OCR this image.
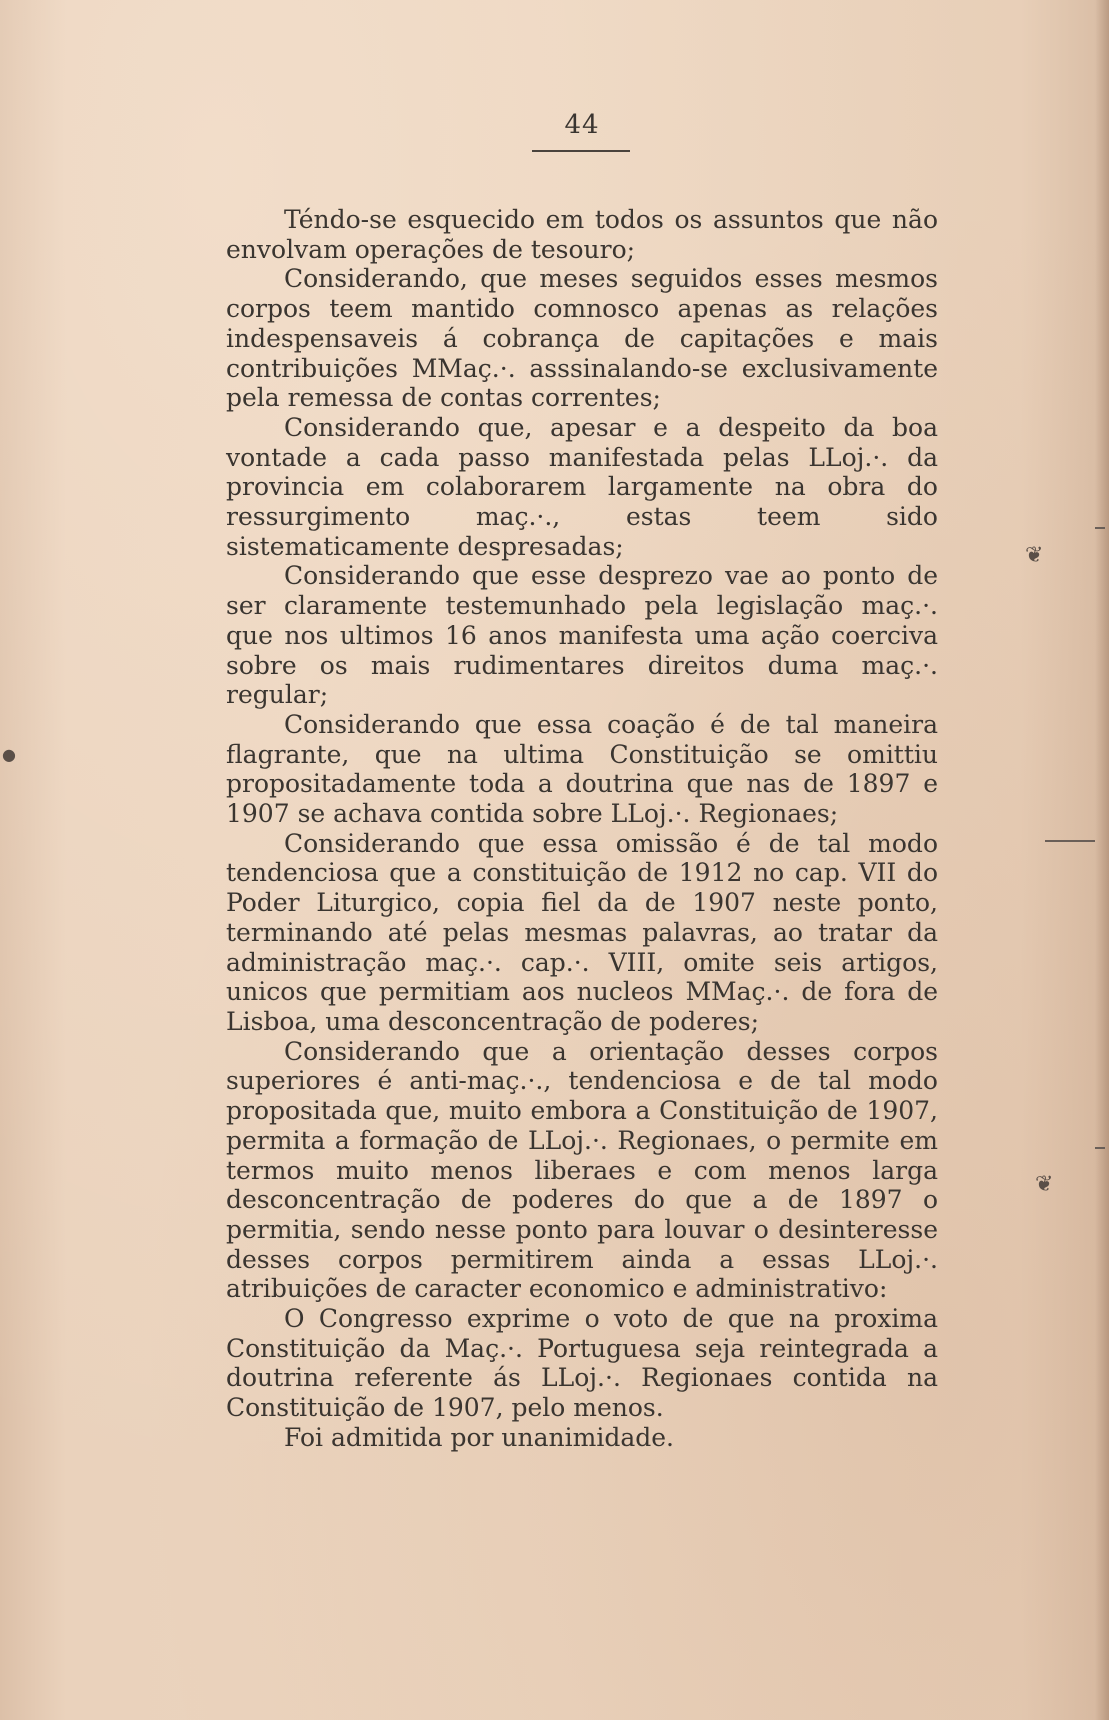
44

Téndo-se esquecido em todos os assuntos que não envolvam operações de tesouro;

Considerando, que meses seguidos esses mesmos corpos teem mantido comnosco apenas as relações indespensaveis á cobrança de capitações e mais contribuições MMaç.·. asssinalando-se exclusivamente pela remessa de contas correntes;

Considerando que, apesar e a despeito da boa vontade a cada passo manifestada pelas LLoj.·. da provincia em colaborarem largamente na obra do ressurgimento maç.·., estas teem sido sistematicamente despresadas;

Considerando que esse desprezo vae ao ponto de ser claramente testemunhado pela legislação maç.·. que nos ultimos 16 anos manifesta uma ação coerciva sobre os mais rudimentares direitos duma maç.·. regular;

Considerando que essa coação é de tal maneira flagrante, que na ultima Constituição se omittiu propositadamente toda a doutrina que nas de 1897 e 1907 se achava contida sobre LLoj.·. Regionaes;

Considerando que essa omissão é de tal modo tendenciosa que a constituição de 1912 no cap. VII do Poder Liturgico, copia fiel da de 1907 neste ponto, terminando até pelas mesmas palavras, ao tratar da administração maç.·. cap.·. VIII, omite seis artigos, unicos que permitiam aos nucleos MMaç.·. de fora de Lisboa, uma desconcentração de poderes;

Considerando que a orientação desses corpos superiores é anti-maç.·., tendenciosa e de tal modo propositada que, muito embora a Constituição de 1907, permita a formação de LLoj.·. Regionaes, o permite em termos muito menos liberaes e com menos larga desconcentração de poderes do que a de 1897 o permitia, sendo nesse ponto para louvar o desinteresse desses corpos permitirem ainda a essas LLoj.·. atribuições de caracter economico e administrativo:

O Congresso exprime o voto de que na proxima Constituição da Maç.·. Portuguesa seja reintegrada a doutrina referente ás LLoj.·. Regionaes contida na Constituição de 1907, pelo menos.

Foi admitida por unanimidade.

❦
❦
●
